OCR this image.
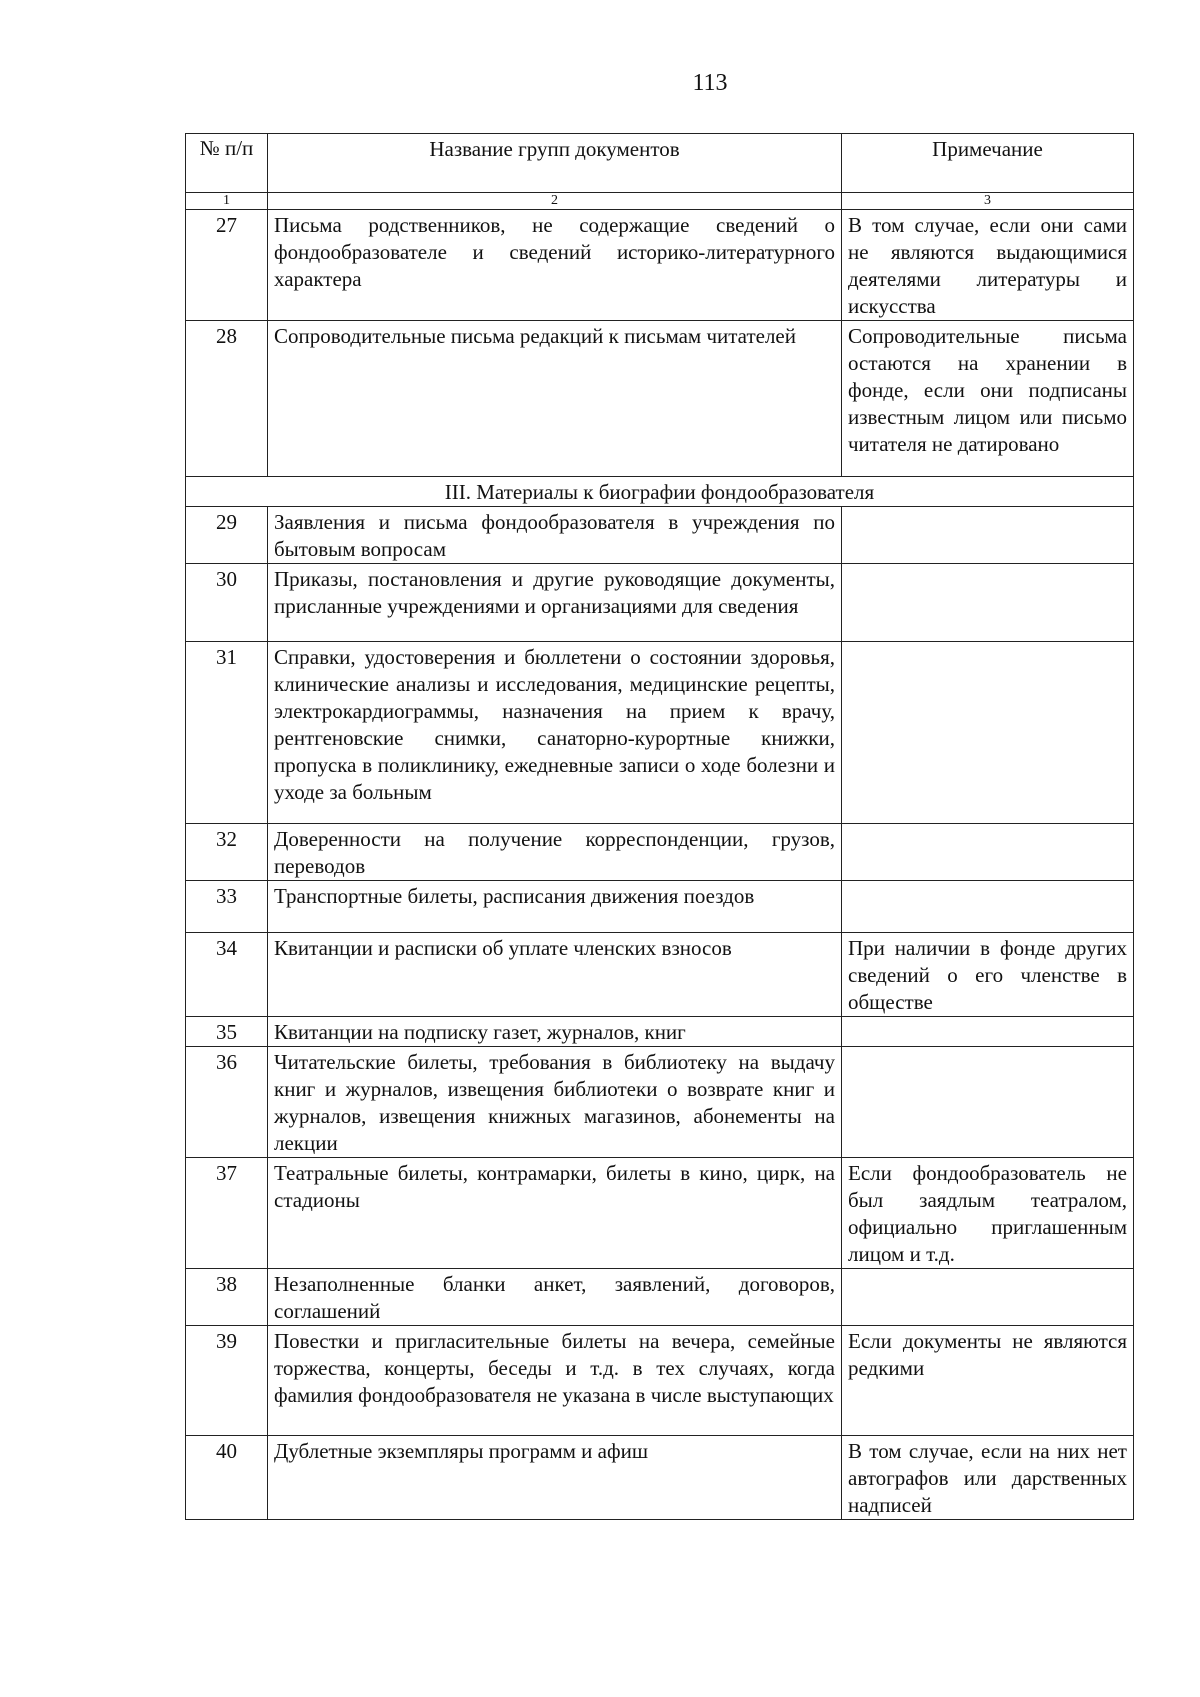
113
№ п/п	Название групп документов	Примечание
1	2	3
27	Письма родственников, не содержащие сведений о фондообразователе и сведений историко-литературного характера	В том случае, если они сами не являются выдающимися деятелями литературы и искусства
28	Сопроводительные письма редакций к письмам читателей	Сопроводительные письма остаются на хранении в фонде, если они подписаны известным лицом или письмо читателя не датировано
III. Материалы к биографии фондообразователя		
29	Заявления и письма фондообразователя в учреждения по бытовым вопросам	
30	Приказы, постановления и другие руководящие документы, присланные учреждениями и организациями для сведения	
31	Справки, удостоверения и бюллетени о состоянии здоровья, клинические анализы и исследования, медицинские рецепты, электрокардиограммы, назначения на прием к врачу, рентгеновские снимки, санаторно-курортные книжки, пропуска в поликлинику, ежедневные записи о ходе болезни и уходе за больным	
32	Доверенности на получение корреспонденции, грузов, переводов	
33	Транспортные билеты, расписания движения поездов	
34	Квитанции и расписки об уплате членских взносов	При наличии в фонде других сведений о его членстве в обществе
35	Квитанции на подписку газет, журналов, книг	
36	Читательские билеты, требования в библиотеку на выдачу книг и журналов, извещения библиотеки о возврате книг и журналов, извещения книжных магазинов, абонементы на лекции	
37	Театральные билеты, контрамарки, билеты в кино, цирк, на стадионы	Если фондообразователь не был заядлым театралом, официально приглашенным лицом и т.д.
38	Незаполненные бланки анкет, заявлений, договоров, соглашений	
39	Повестки и пригласительные билеты на вечера, семейные торжества, концерты, беседы и т.д. в тех случаях, когда фамилия фондообразователя не указана в числе выступающих	Если документы не являются редкими
40	Дублетные экземпляры программ и афиш	В том случае, если на них нет автографов или дарственных надписей
